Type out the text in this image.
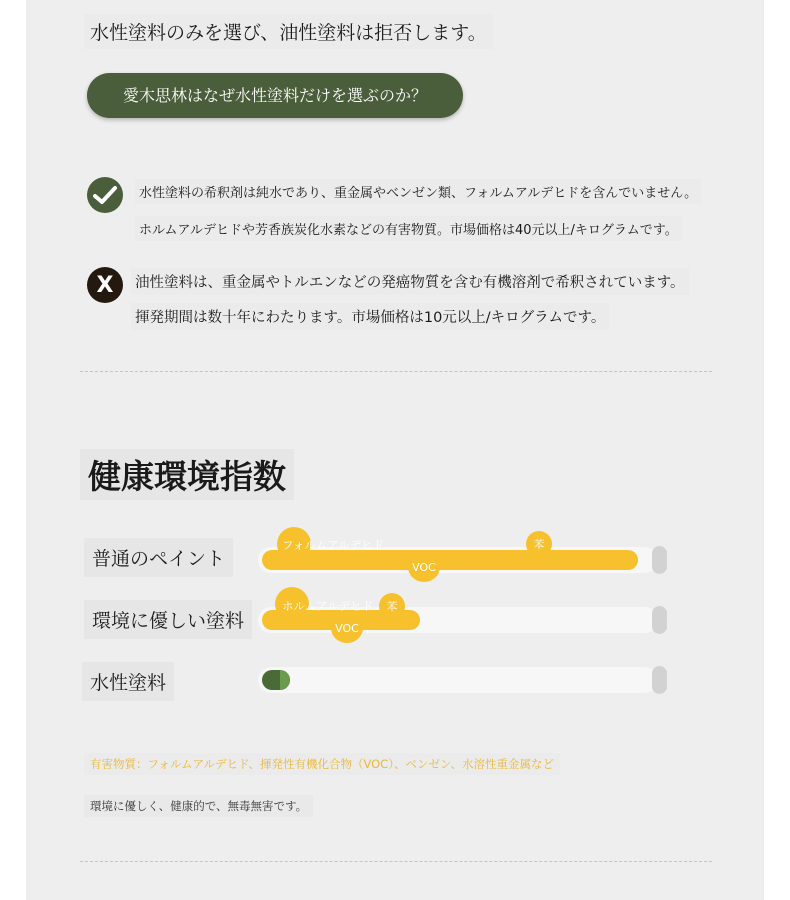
水性塗料のみを選び、油性塗料は拒否します。
愛木思林はなぜ水性塗料だけを選ぶのか？
水性塗料の希釈剤は純水であり、重金属やベンゼン類、フォルムアルデヒドを含んでいません。
ホルムアルデヒドや芳香族炭化水素などの有害物質。市場価格は40元以上/キログラムです。
X 油性塗料は、重金属やトルエンなどの発癌物質を含む有機溶剤で希釈されています。
揮発期間は数十年にわたります。市場価格は10元以上/キログラムです。
健康環境指数
普通のペイント
フォルムアルデヒド	苯
VOC
環境に優しい塗料
ホルムアルデヒド	苯
VOC
水性塗料
有害物質：フォルムアルデヒド、揮発性有機化合物（VOC）、ベンゼン、水溶性重金属など
環境に優しく、健康的で、無毒無害です。
